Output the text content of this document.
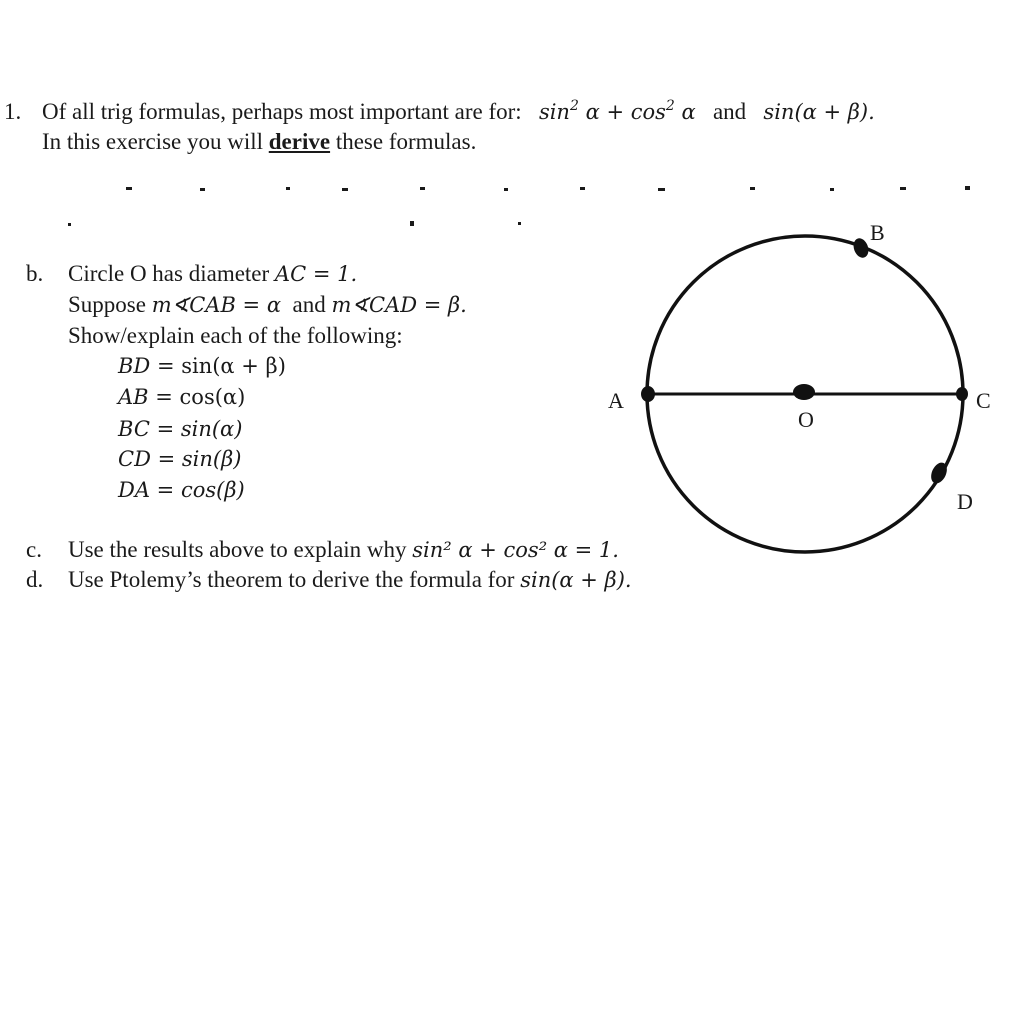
1. Of all trig formulas, perhaps most important are for: $\sin^2 \alpha + \cos^2 \alpha$ and sin(α + β).
In this exercise you will derive these formulas.
b. Circle O has diameter AC = 1.
Suppose m∢CAB = α and m∢CAD = β.
Show/explain each of the following:
BD = sin(α + β)
AB = cos(α)
BC = sin(α)
CD = sin(β)
DA = cos(β)
c. Use the results above to explain why sin² α + cos² α = 1.
d. Use Ptolemy’s theorem to derive the formula for sin(α + β).
A
B
C
D
O
